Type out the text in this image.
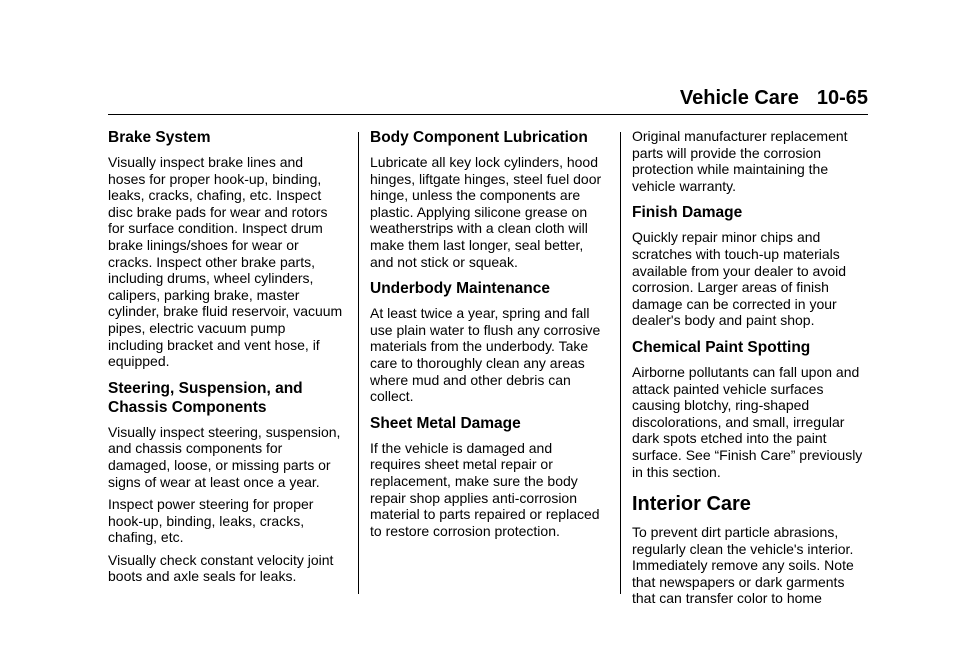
Vehicle Care 10-65
Brake System

Visually inspect brake lines and hoses for proper hook-up, binding, leaks, cracks, chafing, etc. Inspect disc brake pads for wear and rotors for surface condition. Inspect drum brake linings/shoes for wear or cracks. Inspect other brake parts, including drums, wheel cylinders, calipers, parking brake, master cylinder, brake fluid reservoir, vacuum pipes, electric vacuum pump including bracket and vent hose, if equipped.

Steering, Suspension, and Chassis Components

Visually inspect steering, suspension, and chassis components for damaged, loose, or missing parts or signs of wear at least once a year.

Inspect power steering for proper hook-up, binding, leaks, cracks, chafing, etc.

Visually check constant velocity joint boots and axle seals for leaks.

Body Component Lubrication

Lubricate all key lock cylinders, hood hinges, liftgate hinges, steel fuel door hinge, unless the components are plastic. Applying silicone grease on weatherstrips with a clean cloth will make them last longer, seal better, and not stick or squeak.

Underbody Maintenance

At least twice a year, spring and fall use plain water to flush any corrosive materials from the underbody. Take care to thoroughly clean any areas where mud and other debris can collect.

Sheet Metal Damage

If the vehicle is damaged and requires sheet metal repair or replacement, make sure the body repair shop applies anti-corrosion material to parts repaired or replaced to restore corrosion protection.

Original manufacturer replacement parts will provide the corrosion protection while maintaining the vehicle warranty.

Finish Damage

Quickly repair minor chips and scratches with touch-up materials available from your dealer to avoid corrosion. Larger areas of finish damage can be corrected in your dealer's body and paint shop.

Chemical Paint Spotting

Airborne pollutants can fall upon and attack painted vehicle surfaces causing blotchy, ring-shaped discolorations, and small, irregular dark spots etched into the paint surface. See “Finish Care” previously in this section.

Interior Care

To prevent dirt particle abrasions, regularly clean the vehicle's interior. Immediately remove any soils. Note that newspapers or dark garments that can transfer color to home
